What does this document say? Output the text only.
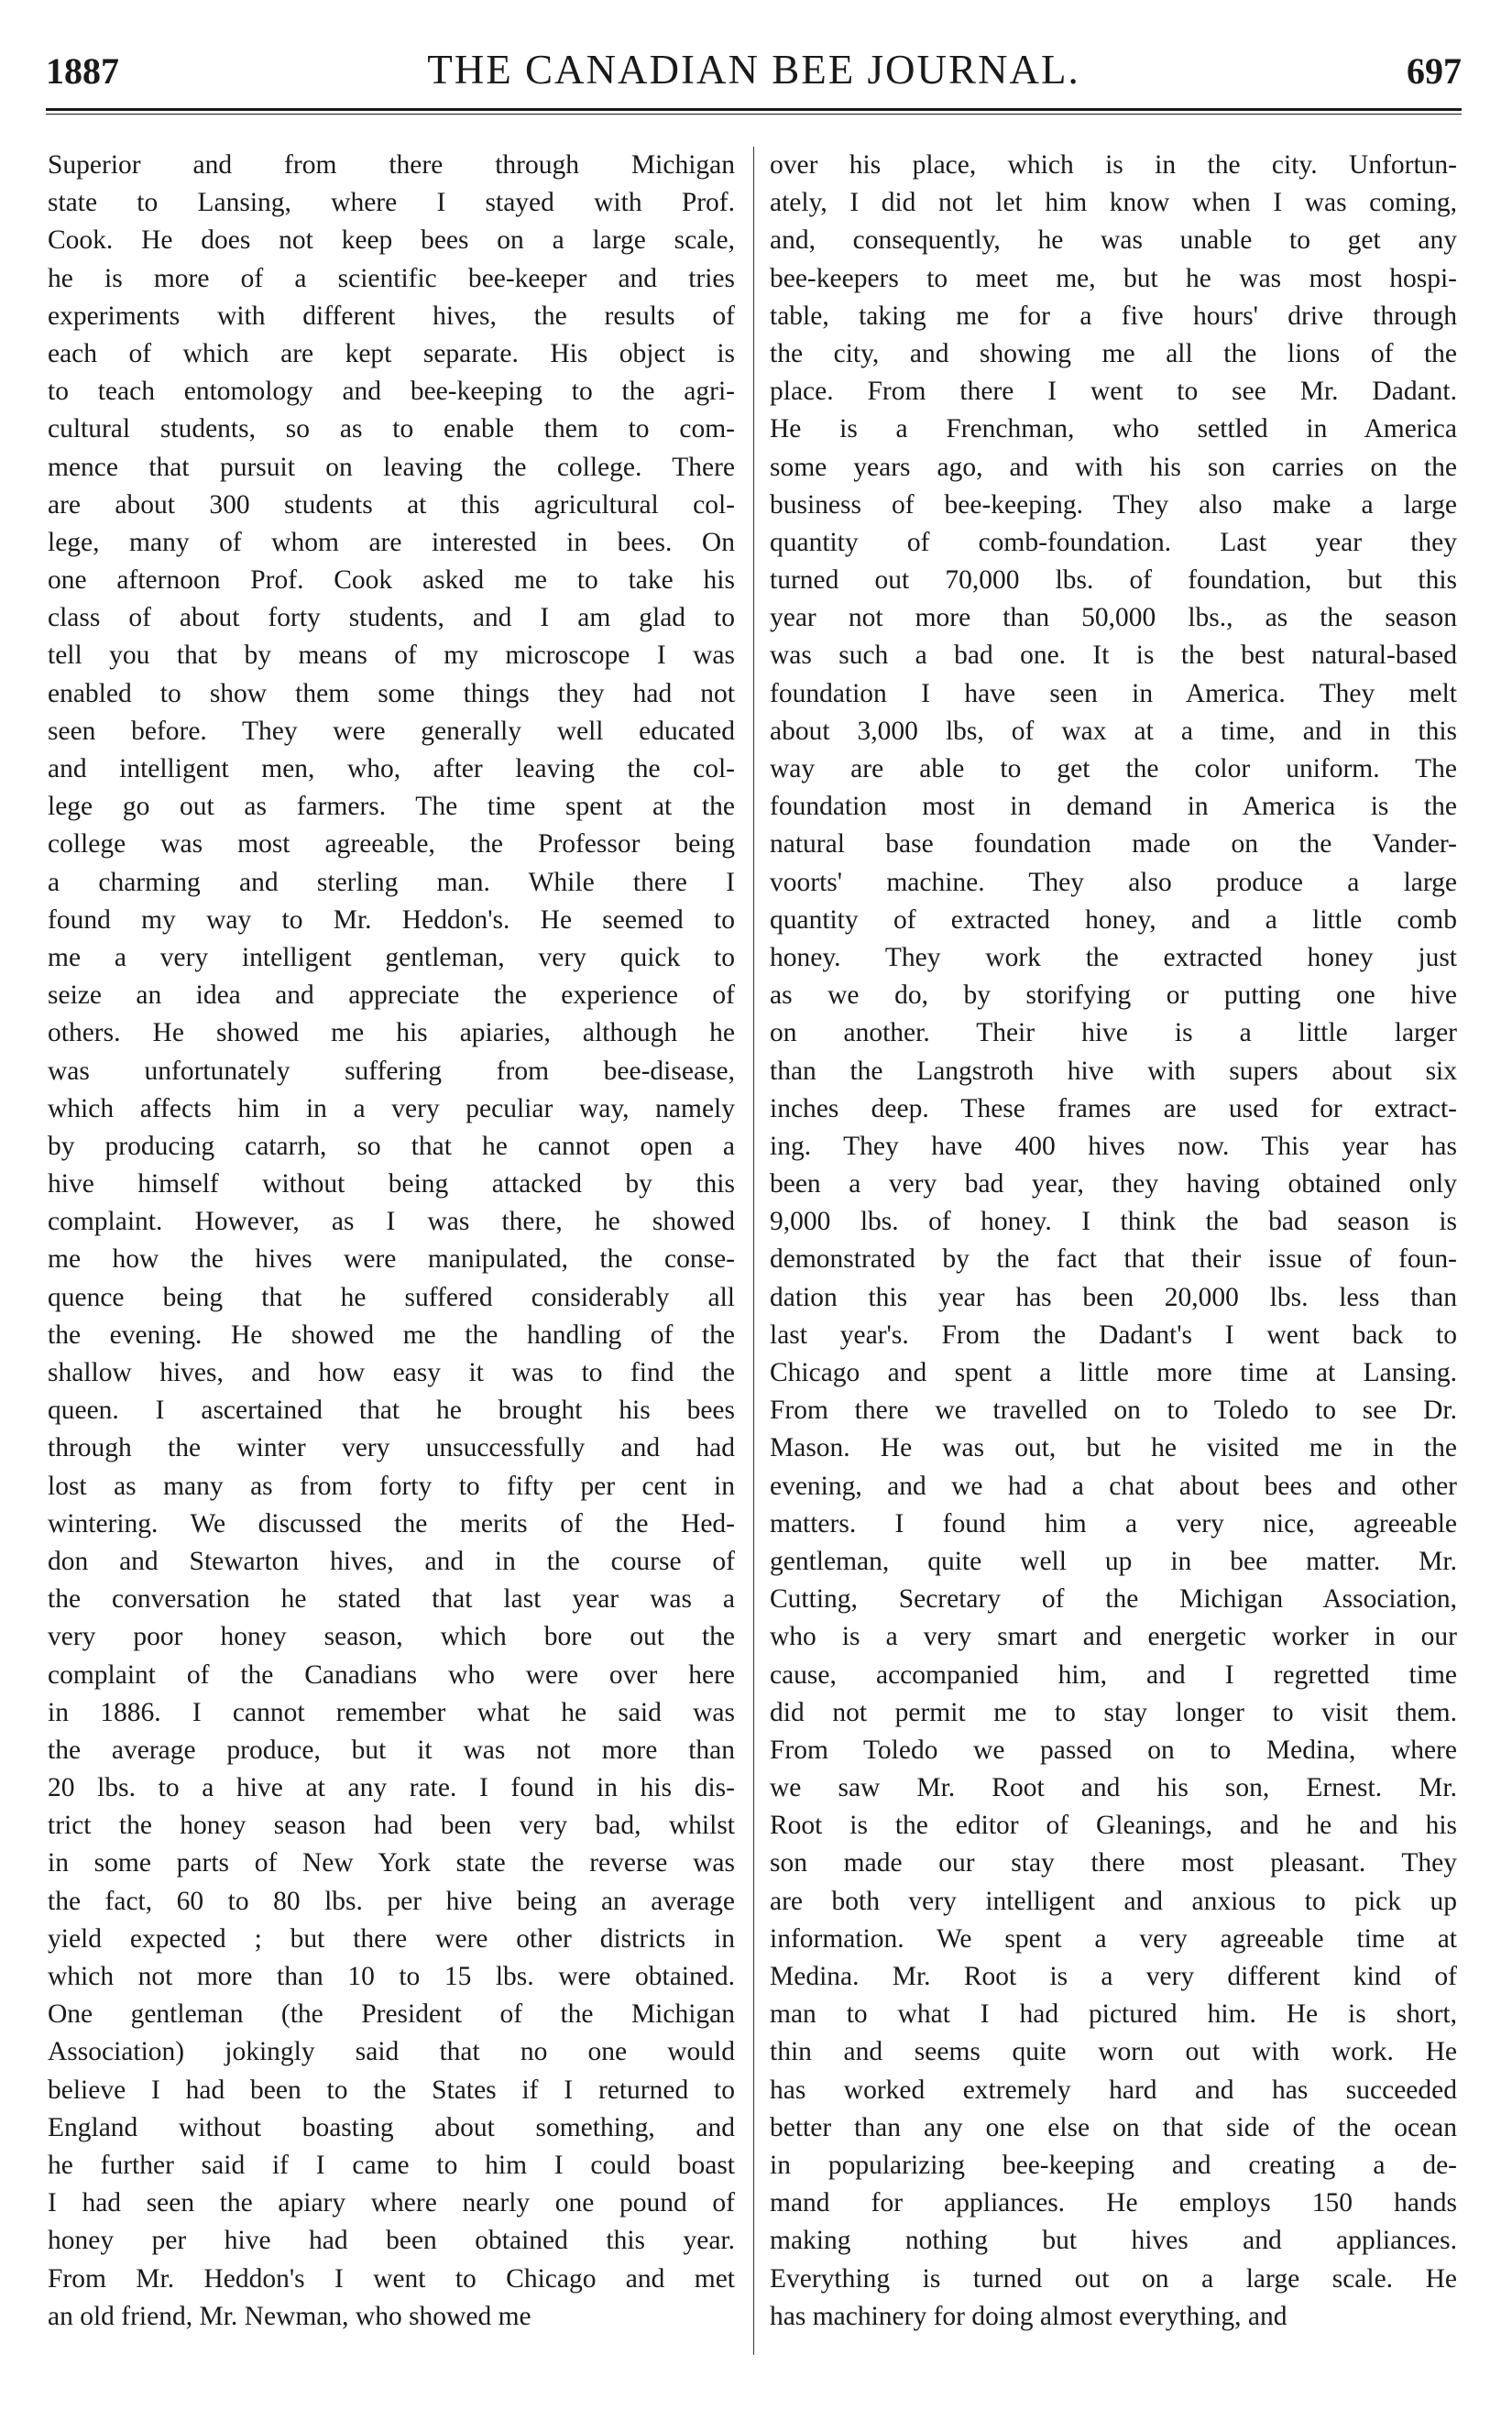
1887	THE CANADIAN BEE JOURNAL.	697
Superior and from there through Michigan
state to Lansing, where I stayed with Prof.
Cook. He does not keep bees on a large scale,
he is more of a scientific bee-keeper and tries
experiments with different hives, the results of
each of which are kept separate. His object is
to teach entomology and bee-keeping to the agri-
cultural students, so as to enable them to com-
mence that pursuit on leaving the college. There
are about 300 students at this agricultural col-
lege, many of whom are interested in bees. On
one afternoon Prof. Cook asked me to take his
class of about forty students, and I am glad to
tell you that by means of my microscope I was
enabled to show them some things they had not
seen before. They were generally well educated
and intelligent men, who, after leaving the col-
lege go out as farmers. The time spent at the
college was most agreeable, the Professor being
a charming and sterling man. While there I
found my way to Mr. Heddon's. He seemed to
me a very intelligent gentleman, very quick to
seize an idea and appreciate the experience of
others. He showed me his apiaries, although he
was unfortunately suffering from bee-disease,
which affects him in a very peculiar way, namely
by producing catarrh, so that he cannot open a
hive himself without being attacked by this
complaint. However, as I was there, he showed
me how the hives were manipulated, the conse-
quence being that he suffered considerably all
the evening. He showed me the handling of the
shallow hives, and how easy it was to find the
queen. I ascertained that he brought his bees
through the winter very unsuccessfully and had
lost as many as from forty to fifty per cent in
wintering. We discussed the merits of the Hed-
don and Stewarton hives, and in the course of
the conversation he stated that last year was a
very poor honey season, which bore out the
complaint of the Canadians who were over here
in 1886. I cannot remember what he said was
the average produce, but it was not more than
20 lbs. to a hive at any rate. I found in his dis-
trict the honey season had been very bad, whilst
in some parts of New York state the reverse was
the fact, 60 to 80 lbs. per hive being an average
yield expected ; but there were other districts in
which not more than 10 to 15 lbs. were obtained.
One gentleman (the President of the Michigan
Association) jokingly said that no one would
believe I had been to the States if I returned to
England without boasting about something, and
he further said if I came to him I could boast
I had seen the apiary where nearly one pound of
honey per hive had been obtained this year.
From Mr. Heddon's I went to Chicago and met
an old friend, Mr. Newman, who showed me
over his place, which is in the city. Unfortun-
ately, I did not let him know when I was coming,
and, consequently, he was unable to get any
bee-keepers to meet me, but he was most hospi-
table, taking me for a five hours' drive through
the city, and showing me all the lions of the
place. From there I went to see Mr. Dadant.
He is a Frenchman, who settled in America
some years ago, and with his son carries on the
business of bee-keeping. They also make a large
quantity of comb-foundation. Last year they
turned out 70,000 lbs. of foundation, but this
year not more than 50,000 lbs., as the season
was such a bad one. It is the best natural-based
foundation I have seen in America. They melt
about 3,000 lbs, of wax at a time, and in this
way are able to get the color uniform. The
foundation most in demand in America is the
natural base foundation made on the Vander-
voorts' machine. They also produce a large
quantity of extracted honey, and a little comb
honey. They work the extracted honey just
as we do, by storifying or putting one hive
on another. Their hive is a little larger
than the Langstroth hive with supers about six
inches deep. These frames are used for extract-
ing. They have 400 hives now. This year has
been a very bad year, they having obtained only
9,000 lbs. of honey. I think the bad season is
demonstrated by the fact that their issue of foun-
dation this year has been 20,000 lbs. less than
last year's. From the Dadant's I went back to
Chicago and spent a little more time at Lansing.
From there we travelled on to Toledo to see Dr.
Mason. He was out, but he visited me in the
evening, and we had a chat about bees and other
matters. I found him a very nice, agreeable
gentleman, quite well up in bee matter. Mr.
Cutting, Secretary of the Michigan Association,
who is a very smart and energetic worker in our
cause, accompanied him, and I regretted time
did not permit me to stay longer to visit them.
From Toledo we passed on to Medina, where
we saw Mr. Root and his son, Ernest. Mr.
Root is the editor of Gleanings, and he and his
son made our stay there most pleasant. They
are both very intelligent and anxious to pick up
information. We spent a very agreeable time at
Medina. Mr. Root is a very different kind of
man to what I had pictured him. He is short,
thin and seems quite worn out with work. He
has worked extremely hard and has succeeded
better than any one else on that side of the ocean
in popularizing bee-keeping and creating a de-
mand for appliances. He employs 150 hands
making nothing but hives and appliances.
Everything is turned out on a large scale. He
has machinery for doing almost everything, and
